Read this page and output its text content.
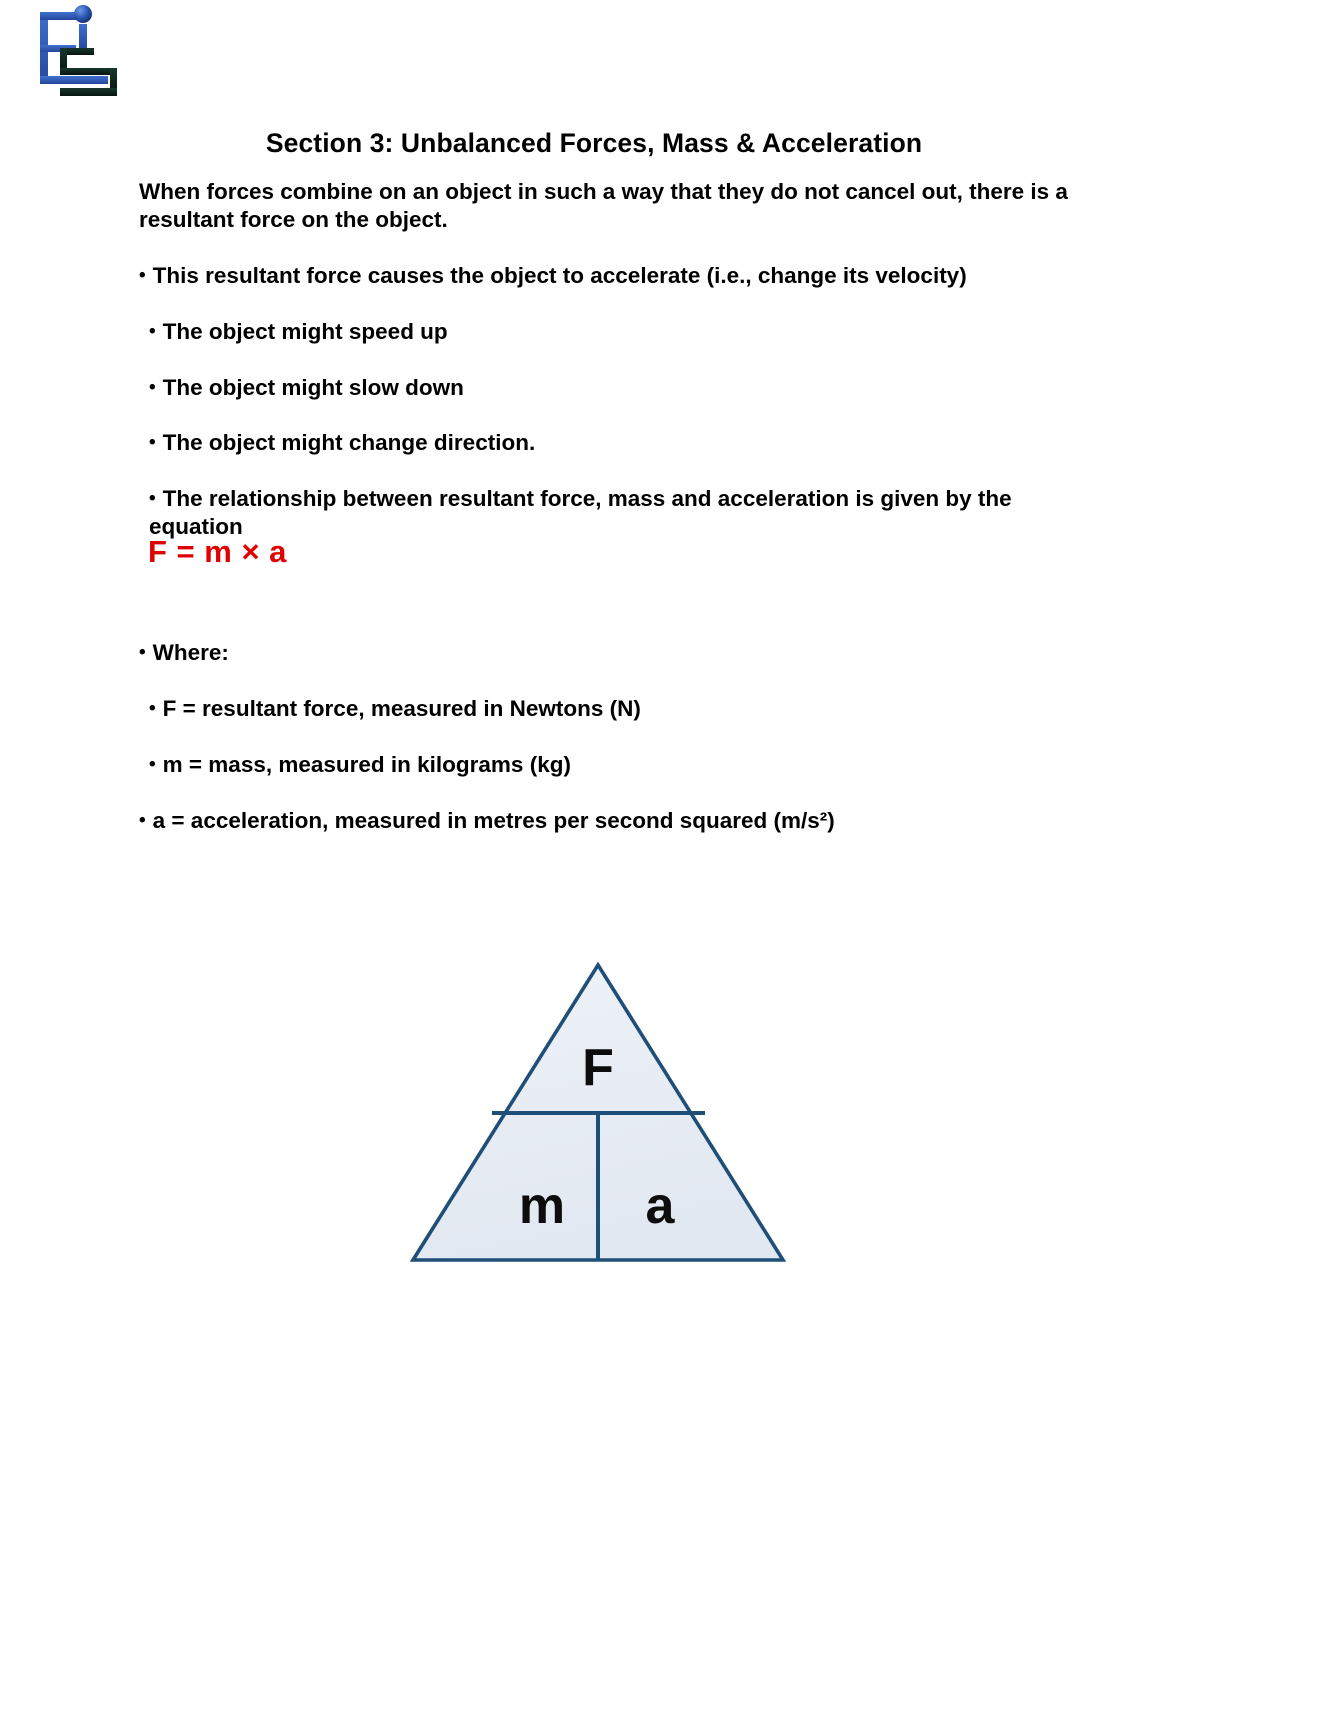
Section 3: Unbalanced Forces, Mass & Acceleration

When forces combine on an object in such a way that they do not cancel out, there is a resultant force on the object.

• This resultant force causes the object to accelerate (i.e., change its velocity)
• The object might speed up
• The object might slow down
• The object might change direction.
• The relationship between resultant force, mass and acceleration is given by the equation
• Where:
• F = resultant force, measured in Newtons (N)
• m = mass, measured in kilograms (kg)
• a = acceleration, measured in metres per second squared (m/s²)
F = m × a
F
m a
